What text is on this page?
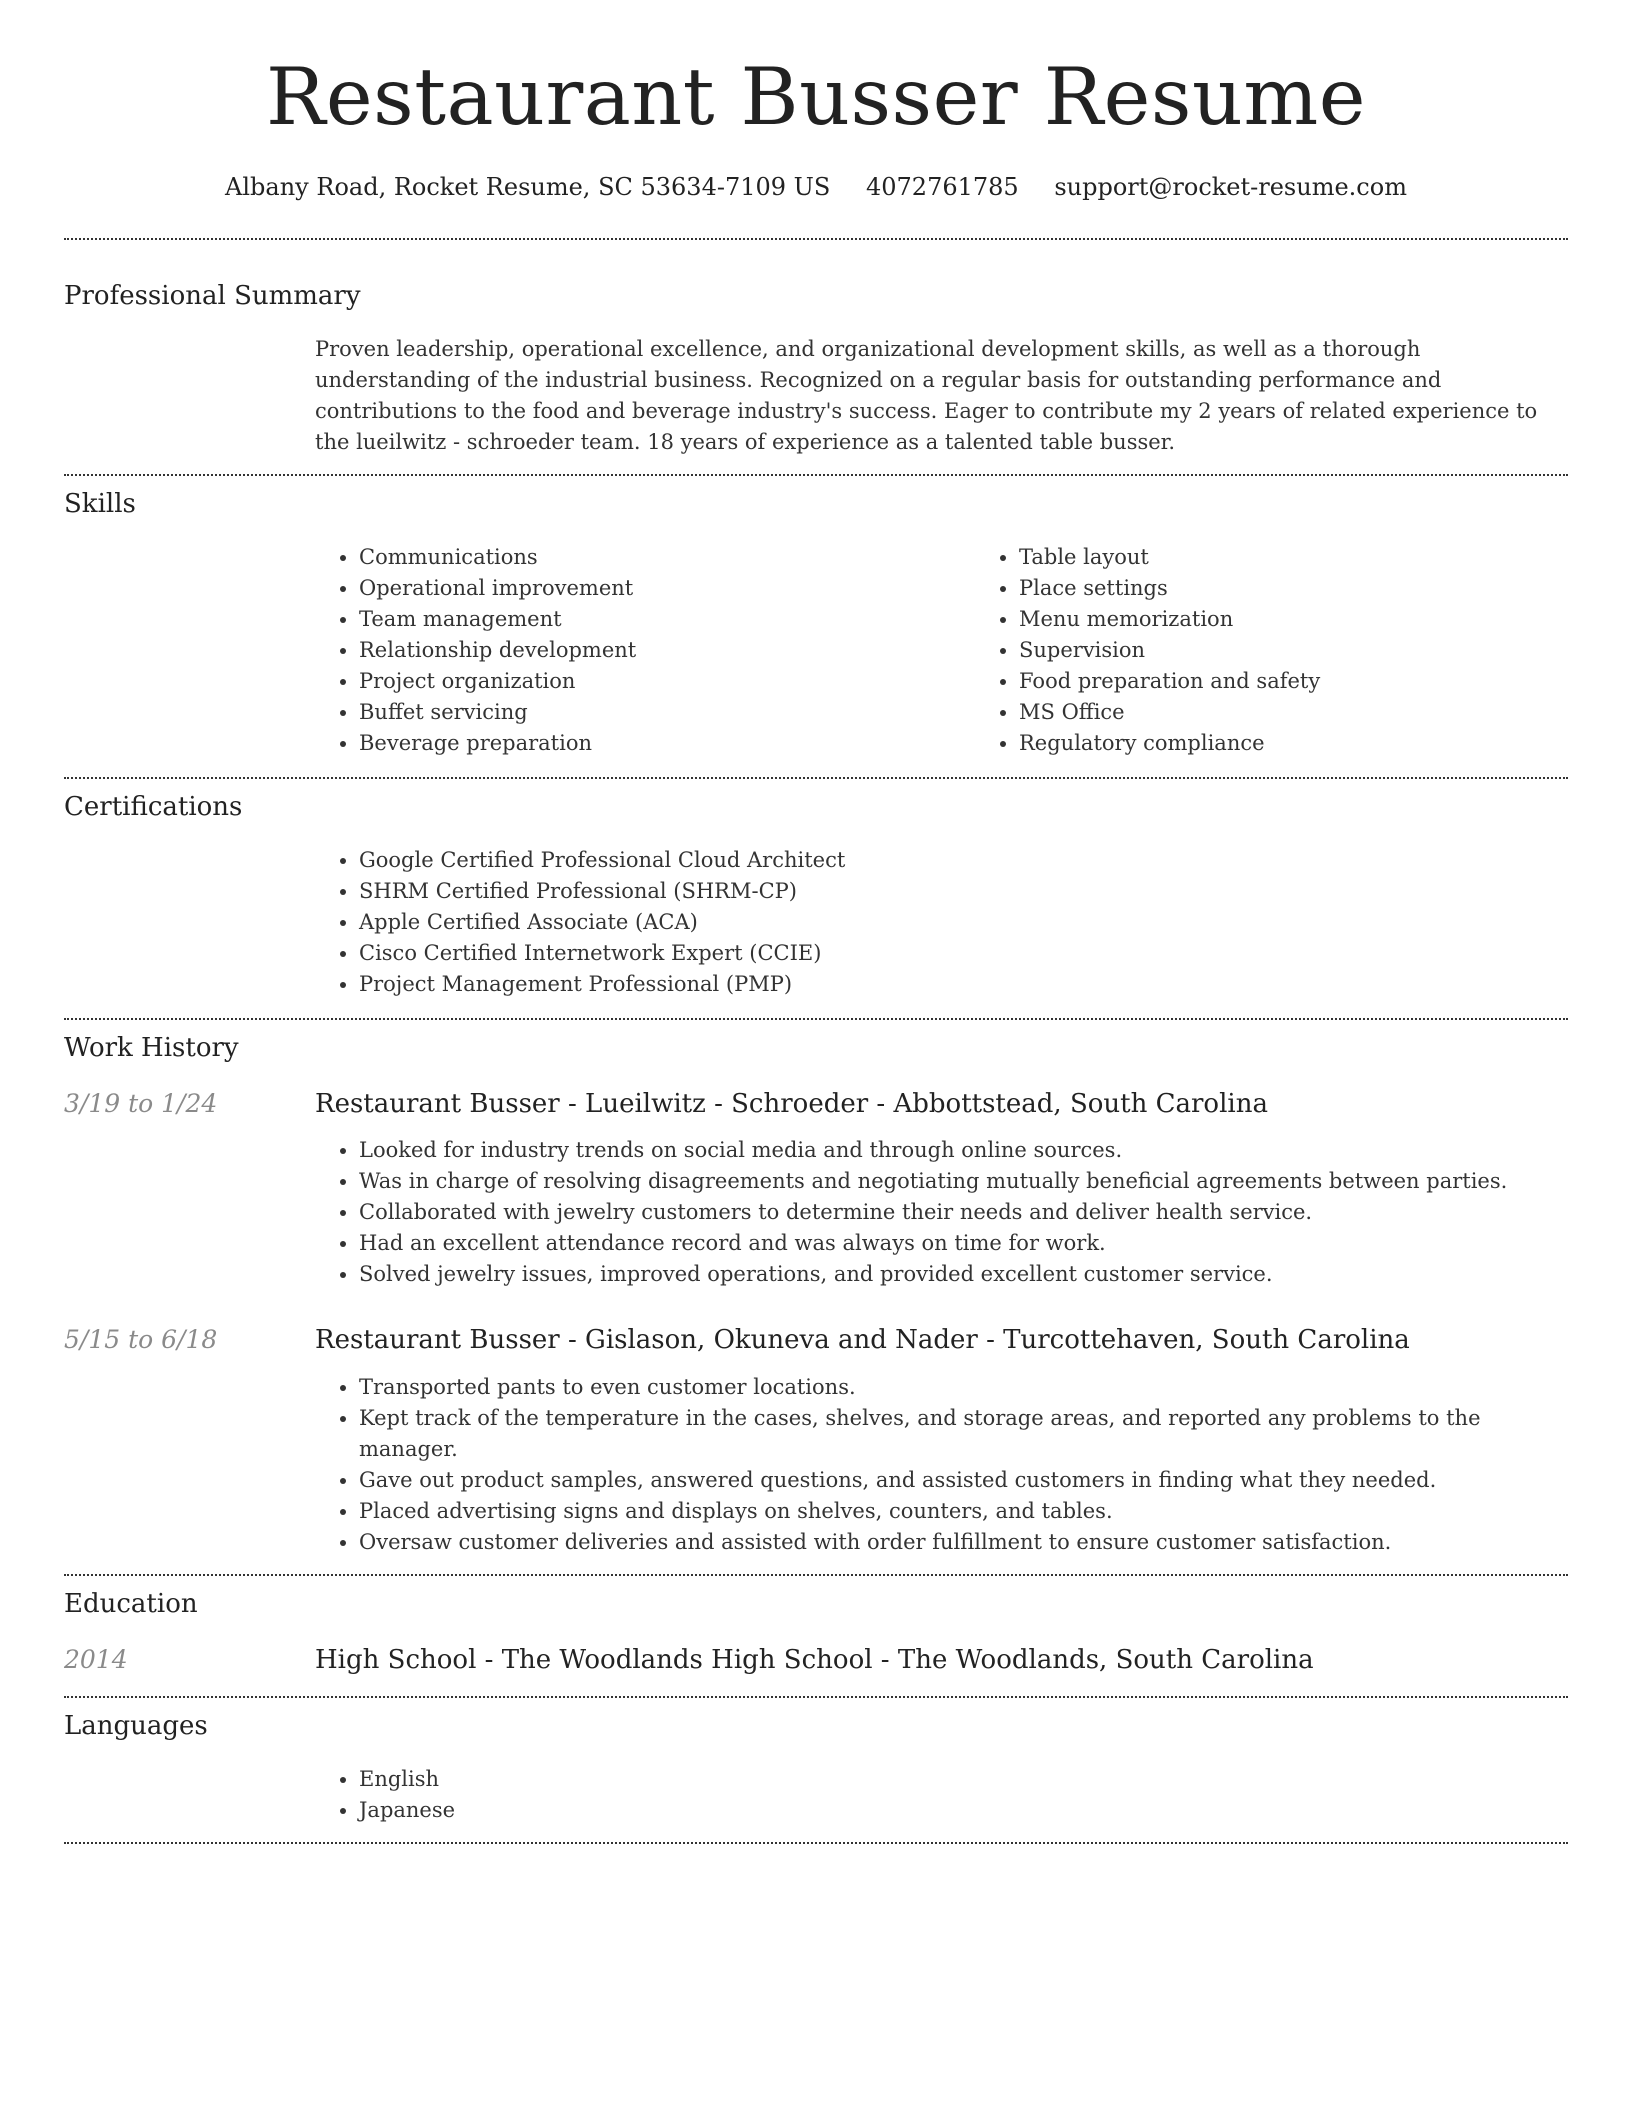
Restaurant Busser Resume
Albany Road, Rocket Resume, SC 53634-7109 US 4072761785 support@rocket-resume.com
Professional Summary

Proven leadership, operational excellence, and organizational development skills, as well as a thorough understanding of the industrial business. Recognized on a regular basis for outstanding performance and contributions to the food and beverage industry's success. Eager to contribute my 2 years of related experience to the lueilwitz - schroeder team. 18 years of experience as a talented table busser.

Skills
• Communications
• Operational improvement
• Team management
• Relationship development
• Project organization
• Buffet servicing
• Beverage preparation
• Table layout
• Place settings
• Menu memorization
• Supervision
• Food preparation and safety
• MS Office
• Regulatory compliance
Certifications
• Google Certified Professional Cloud Architect
• SHRM Certified Professional (SHRM-CP)
• Apple Certified Associate (ACA)
• Cisco Certified Internetwork Expert (CCIE)
• Project Management Professional (PMP)
Work History
3/19 to 1/24	Restaurant Busser - Lueilwitz - Schroeder - Abbottstead, South Carolina
• Looked for industry trends on social media and through online sources.
• Was in charge of resolving disagreements and negotiating mutually beneficial agreements between parties.
• Collaborated with jewelry customers to determine their needs and deliver health service.
• Had an excellent attendance record and was always on time for work.
• Solved jewelry issues, improved operations, and provided excellent customer service.
5/15 to 6/18	Restaurant Busser - Gislason, Okuneva and Nader - Turcottehaven, South Carolina
• Transported pants to even customer locations.
• Kept track of the temperature in the cases, shelves, and storage areas, and reported any problems to the manager.
• Gave out product samples, answered questions, and assisted customers in finding what they needed.
• Placed advertising signs and displays on shelves, counters, and tables.
• Oversaw customer deliveries and assisted with order fulfillment to ensure customer satisfaction.
Education
2014	High School - The Woodlands High School - The Woodlands, South Carolina
Languages
• English
• Japanese
